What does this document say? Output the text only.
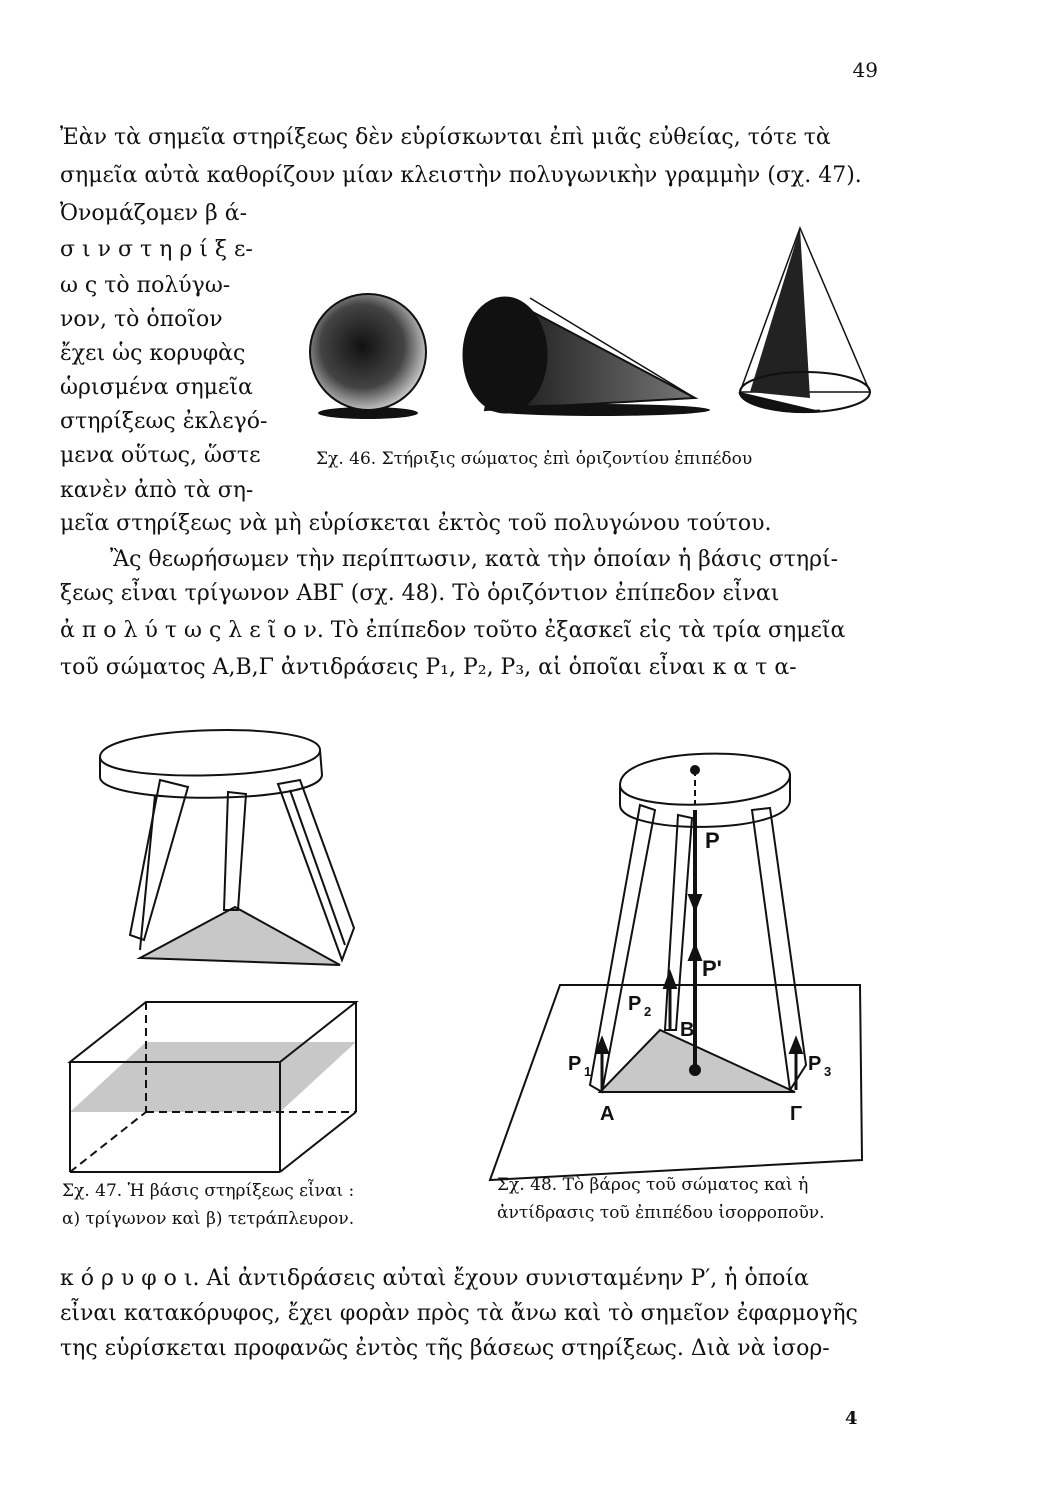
49
Ἐὰν τὰ σημεῖα στηρίξεως δὲν εὑρίσκωνται ἐπὶ μιᾶς εὐθείας, τότε τὰ
σημεῖα αὐτὰ καθορίζουν μίαν κλειστὴν πολυγωνικὴν γραμμὴν (σχ. 47).
Ὀνομάζομεν β ά-
σ ι ν σ τ η ρ ί ξ ε-
ω ς τὸ πολύγω-
νον, τὸ ὁποῖον
ἔχει ὡς κορυφὰς
ὡρισμένα σημεῖα
στηρίξεως ἐκλεγό-
μενα οὕτως, ὥστε
κανὲν ἀπὸ τὰ ση-
Σχ. 46. Στήριξις σώματος ἐπὶ ὁριζοντίου ἐπιπέδου
μεῖα στηρίξεως νὰ μὴ εὑρίσκεται ἐκτὸς τοῦ πολυγώνου τούτου.
Ἂς θεωρήσωμεν τὴν περίπτωσιν, κατὰ τὴν ὁποίαν ἡ βάσις στηρί-
ξεως εἶναι τρίγωνον ΑΒΓ (σχ. 48). Τὸ ὁριζόντιον ἐπίπεδον εἶναι
ἀ π ο λ ύ τ ω ς λ ε ῖ ο ν. Τὸ ἐπίπεδον τοῦτο ἐξασκεῖ εἰς τὰ τρία σημεῖα
τοῦ σώματος Α,Β,Γ ἀντιδράσεις P₁, P₂, P₃, αἱ ὁποῖαι εἶναι κ α τ α-
Σχ. 47. Ἡ βάσις στηρίξεως εἶναι :
α) τρίγωνον καὶ β) τετράπλευρον.
P
P'
P 2
B
P 1	P 3
A	Γ
Σχ. 48. Τὸ βάρος τοῦ σώματος καὶ ἡ
ἀντίδρασις τοῦ ἐπιπέδου ἰσορροποῦν.
κ ό ρ υ φ ο ι. Αἱ ἀντιδράσεις αὐταὶ ἔχουν συνισταμένην P′, ἡ ὁποία
εἶναι κατακόρυφος, ἔχει φορὰν πρὸς τὰ ἄνω καὶ τὸ σημεῖον ἐφαρμογῆς
της εὑρίσκεται προφανῶς ἐντὸς τῆς βάσεως στηρίξεως. Διὰ νὰ ἰσορ-
4
